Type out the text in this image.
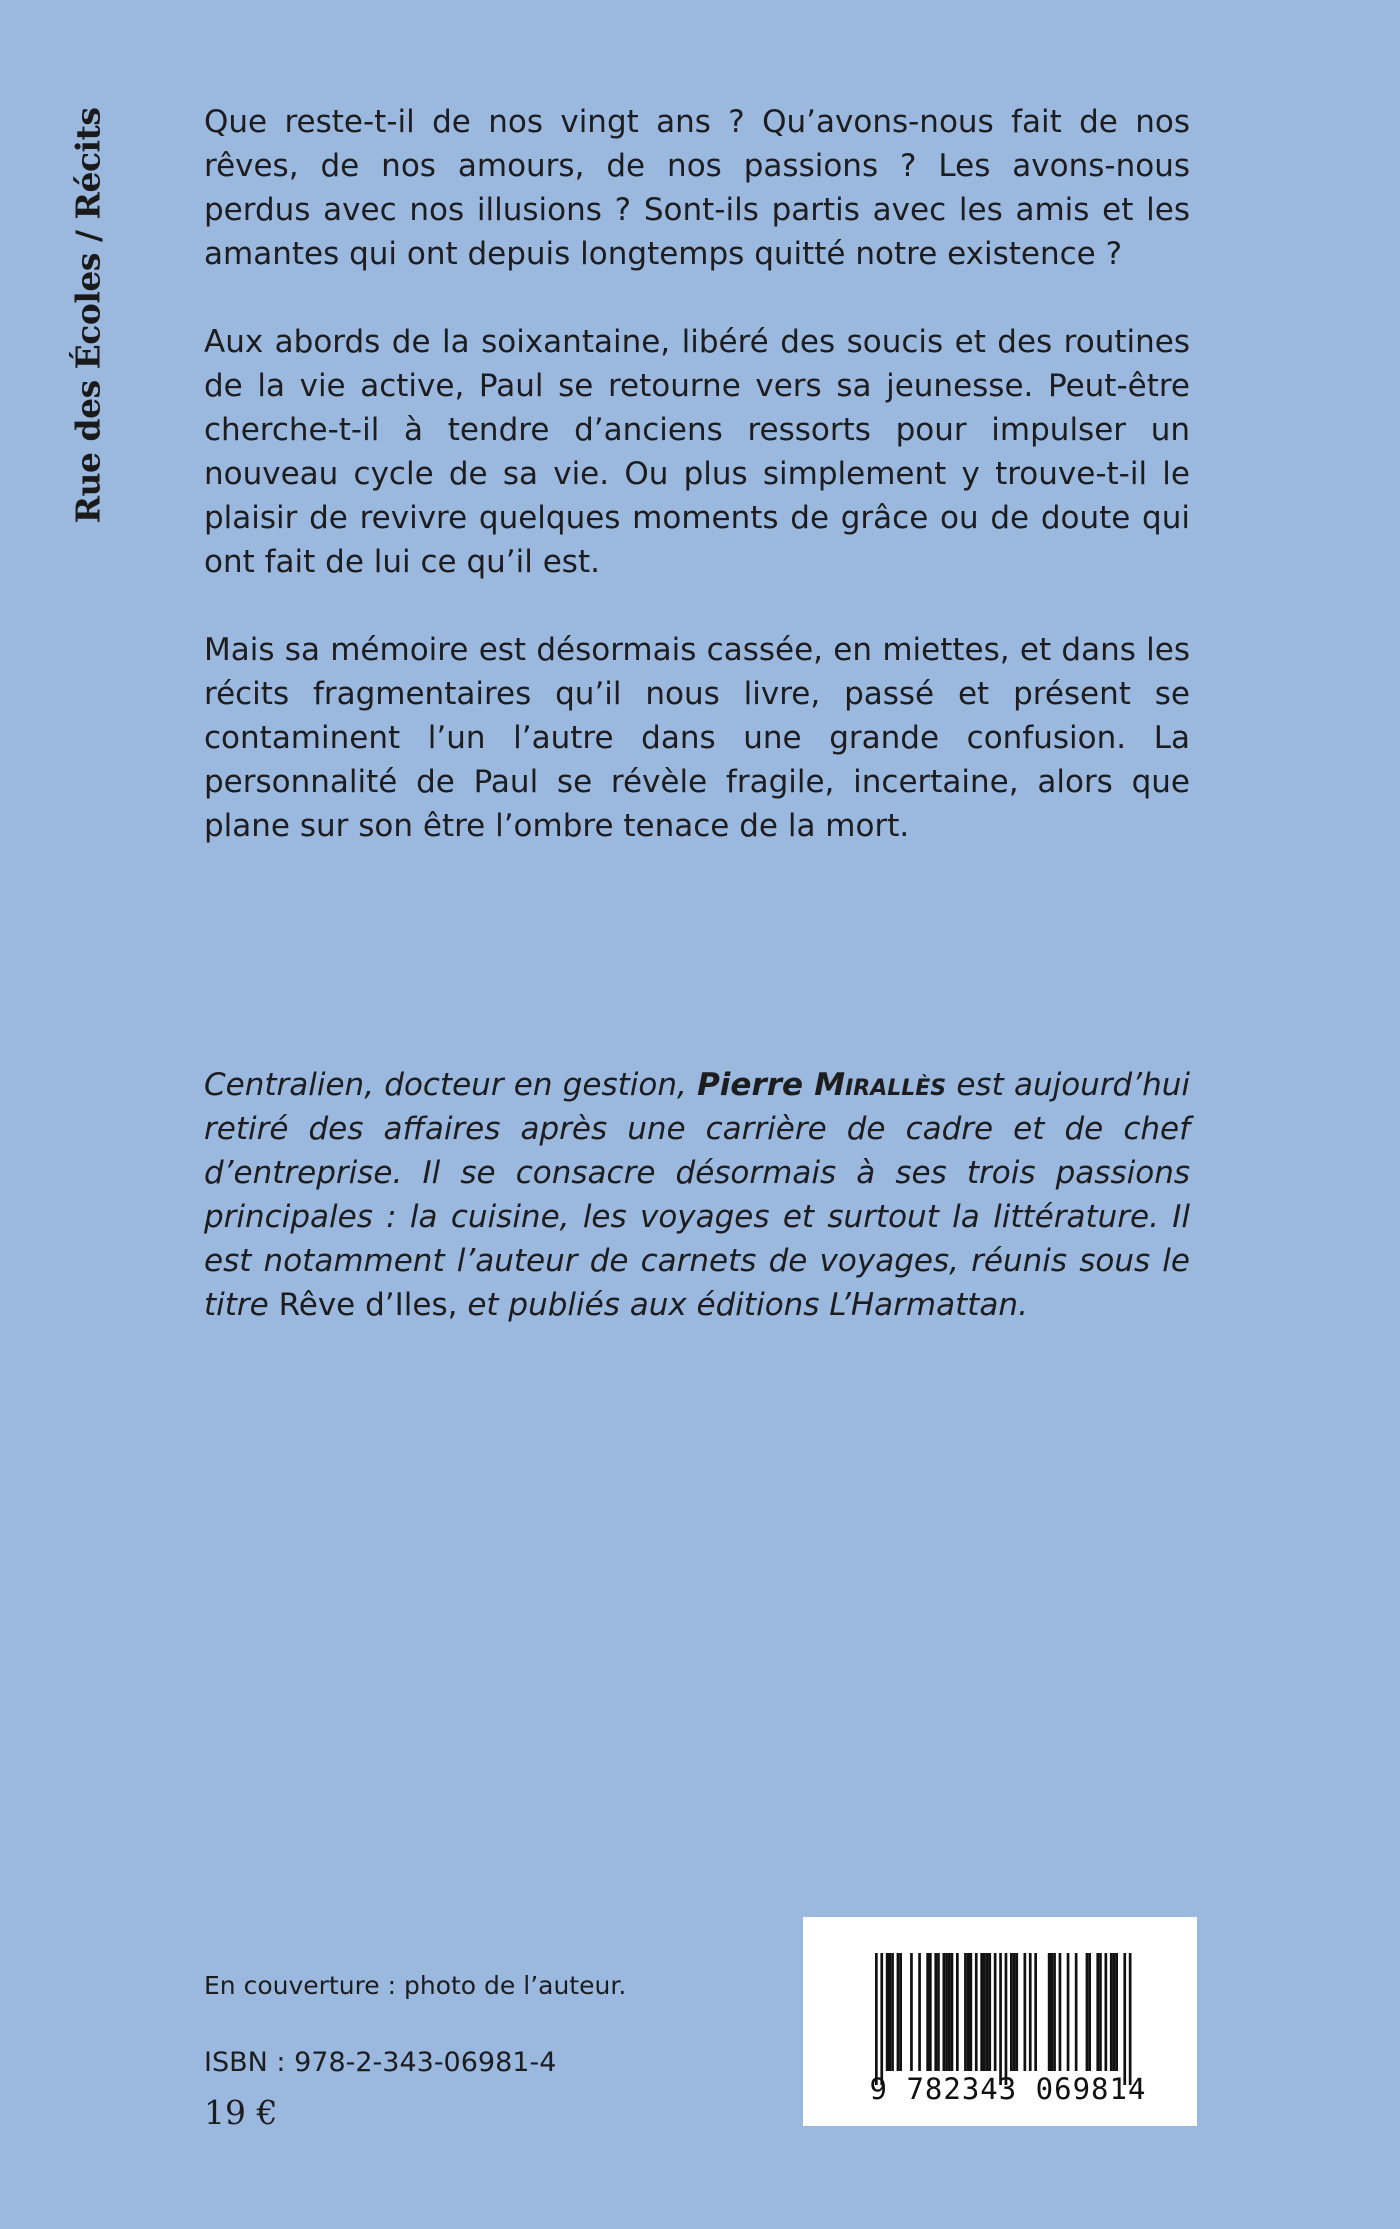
Rue des Écoles / Récits	Que reste-t-il de nos vingt ans ? Qu’avons-nous fait de nos rêves, de nos amours, de nos passions ? Les avons-nous perdus avec nos illusions ? Sont-ils partis avec les amis et les amantes qui ont depuis longtemps quitté notre existence ?

Aux abords de la soixantaine, libéré des soucis et des routines de la vie active, Paul se retourne vers sa jeunesse. Peut-être cherche-t-il à tendre d’anciens ressorts pour impulser un nouveau cycle de sa vie. Ou plus simplement y trouve-t-il le plaisir de revivre quelques moments de grâce ou de doute qui ont fait de lui ce qu’il est.

Mais sa mémoire est désormais cassée, en miettes, et dans les récits fragmentaires qu’il nous livre, passé et présent se contaminent l’un l’autre dans une grande confusion. La personnalité de Paul se révèle fragile, incertaine, alors que plane sur son être l’ombre tenace de la mort.

Centralien, docteur en gestion, Pierre Mirallès est aujourd’hui retiré des affaires après une carrière de cadre et de chef d’entreprise. Il se consacre désormais à ses trois passions principales : la cuisine, les voyages et surtout la littérature. Il est notamment l’auteur de carnets de voyages, réunis sous le titre Rêve d’Iles, et publiés aux éditions L’Harmattan.

En couverture : photo de l’auteur.

ISBN : 978-2-343-06981-4

19 €

9 782343 069814
